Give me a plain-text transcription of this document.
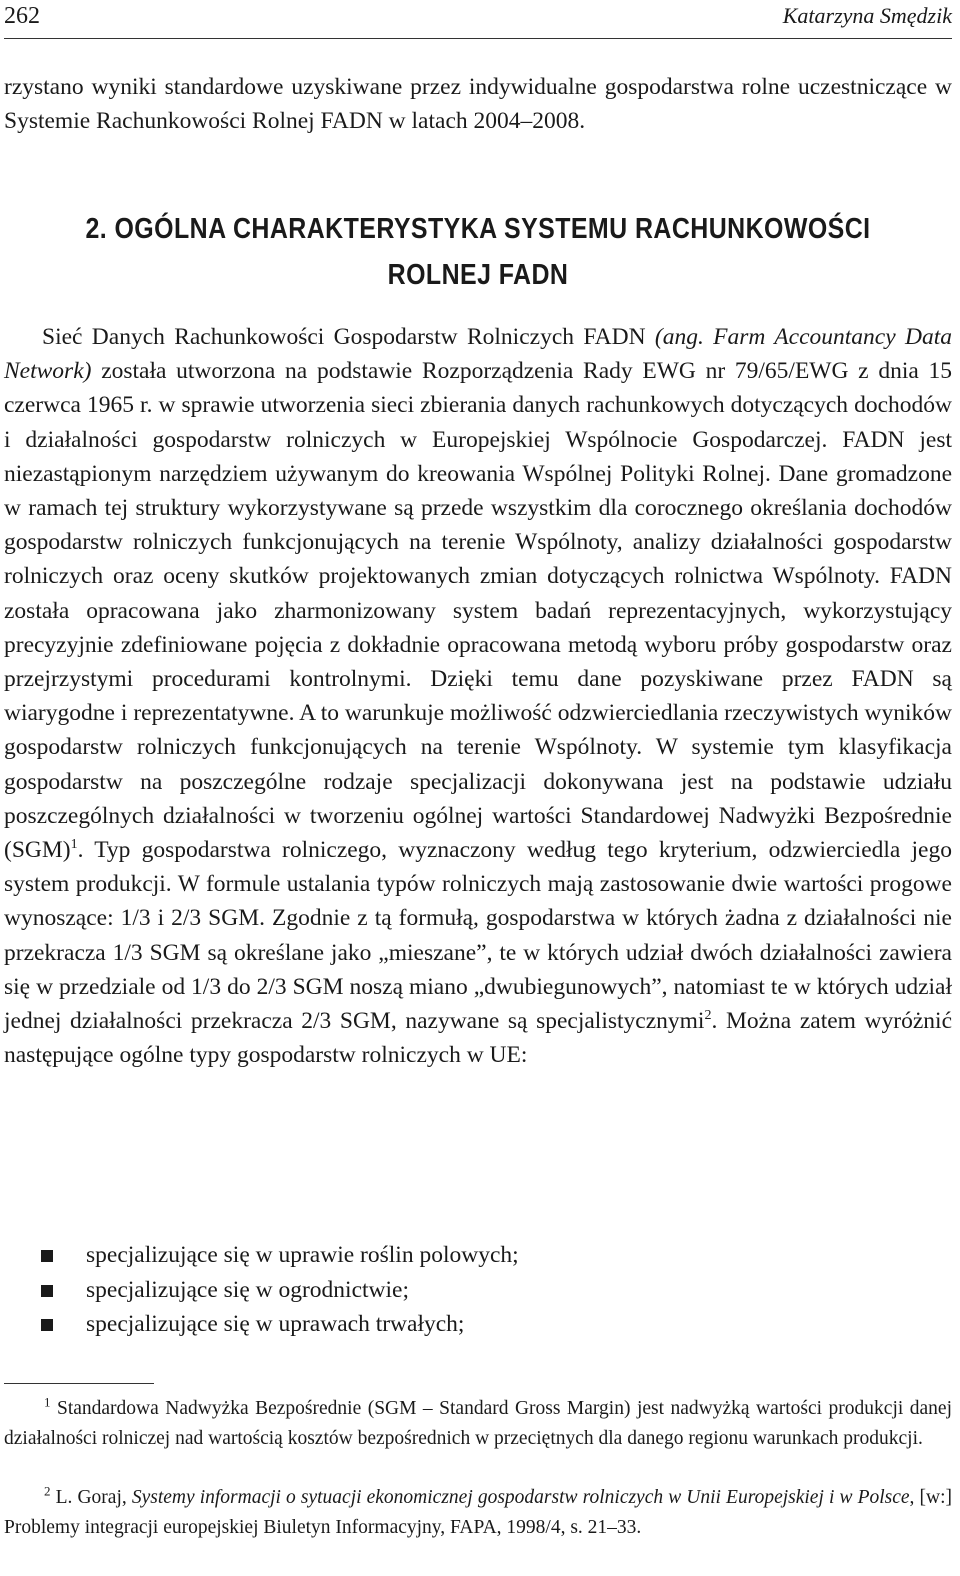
262	Katarzyna Smędzik

rzystano wyniki standardowe uzyskiwane przez indywidualne gospodarstwa rolne uczestniczące w Systemie Rachunkowości Rolnej FADN w latach 2004–2008.

2. OGÓLNA CHARAKTERYSTYKA SYSTEMU RACHUNKOWOŚCI
ROLNEJ FADN

Sieć Danych Rachunkowości Gospodarstw Rolniczych FADN (ang. Farm Accountancy Data Network) została utworzona na podstawie Rozporządzenia Rady EWG nr 79/65/EWG z dnia 15 czerwca 1965 r. w sprawie utworzenia sieci zbierania danych rachunkowych dotyczących dochodów i działalności gospodarstw rolniczych w Europejskiej Wspólnocie Gospodarczej. FADN jest niezastąpionym narzędziem używanym do kreowania Wspólnej Polityki Rolnej. Dane gromadzone w ramach tej struktury wykorzystywane są przede wszystkim dla corocznego określania dochodów gospodarstw rolniczych funkcjonujących na terenie Wspólnoty, analizy działalności gospodarstw rolniczych oraz oceny skutków projektowanych zmian dotyczących rolnictwa Wspólnoty. FADN została opracowana jako zharmonizowany system badań reprezentacyjnych, wykorzystujący precyzyjnie zdefiniowane pojęcia z dokładnie opracowana metodą wyboru próby gospodarstw oraz przejrzystymi procedurami kontrolnymi. Dzięki temu dane pozyskiwane przez FADN są wiarygodne i reprezentatywne. A to warunkuje możliwość odzwierciedlania rzeczywistych wyników gospodarstw rolniczych funkcjonujących na terenie Wspólnoty. W systemie tym klasyfikacja gospodarstw na poszczególne rodzaje specjalizacji dokonywana jest na podstawie udziału poszczególnych działalności w tworzeniu ogólnej wartości Standardowej Nadwyżki Bezpośrednie (SGM)$^1$. Typ gospodarstwa rolniczego, wyznaczony według tego kryterium, odzwierciedla jego system produkcji. W formule ustalania typów rolniczych mają zastosowanie dwie wartości progowe wynoszące: 1/3 i 2/3 SGM. Zgodnie z tą formułą, gospodarstwa w których żadna z działalności nie przekracza 1/3 SGM są określane jako „mieszane”, te w których udział dwóch działalności zawiera się w przedziale od 1/3 do 2/3 SGM noszą miano „dwubiegunowych”, natomiast te w których udział jednej działalności przekracza 2/3 SGM, nazywane są specjalistycznymi$^2$. Można zatem wyróżnić następujące ogólne typy gospodarstw rolniczych w UE:

specjalizujące się w uprawie roślin polowych;
specjalizujące się w ogrodnictwie;
specjalizujące się w uprawach trwałych;

$^1$ Standardowa Nadwyżka Bezpośrednie (SGM – Standard Gross Margin) jest nadwyżką wartości produkcji danej działalności rolniczej nad wartością kosztów bezpośrednich w przeciętnych dla danego regionu warunkach produkcji.

$^2$ L. Goraj, Systemy informacji o sytuacji ekonomicznej gospodarstw rolniczych w Unii Europejskiej i w Polsce, [w:] Problemy integracji europejskiej Biuletyn Informacyjny, FAPA, 1998/4, s. 21–33.
